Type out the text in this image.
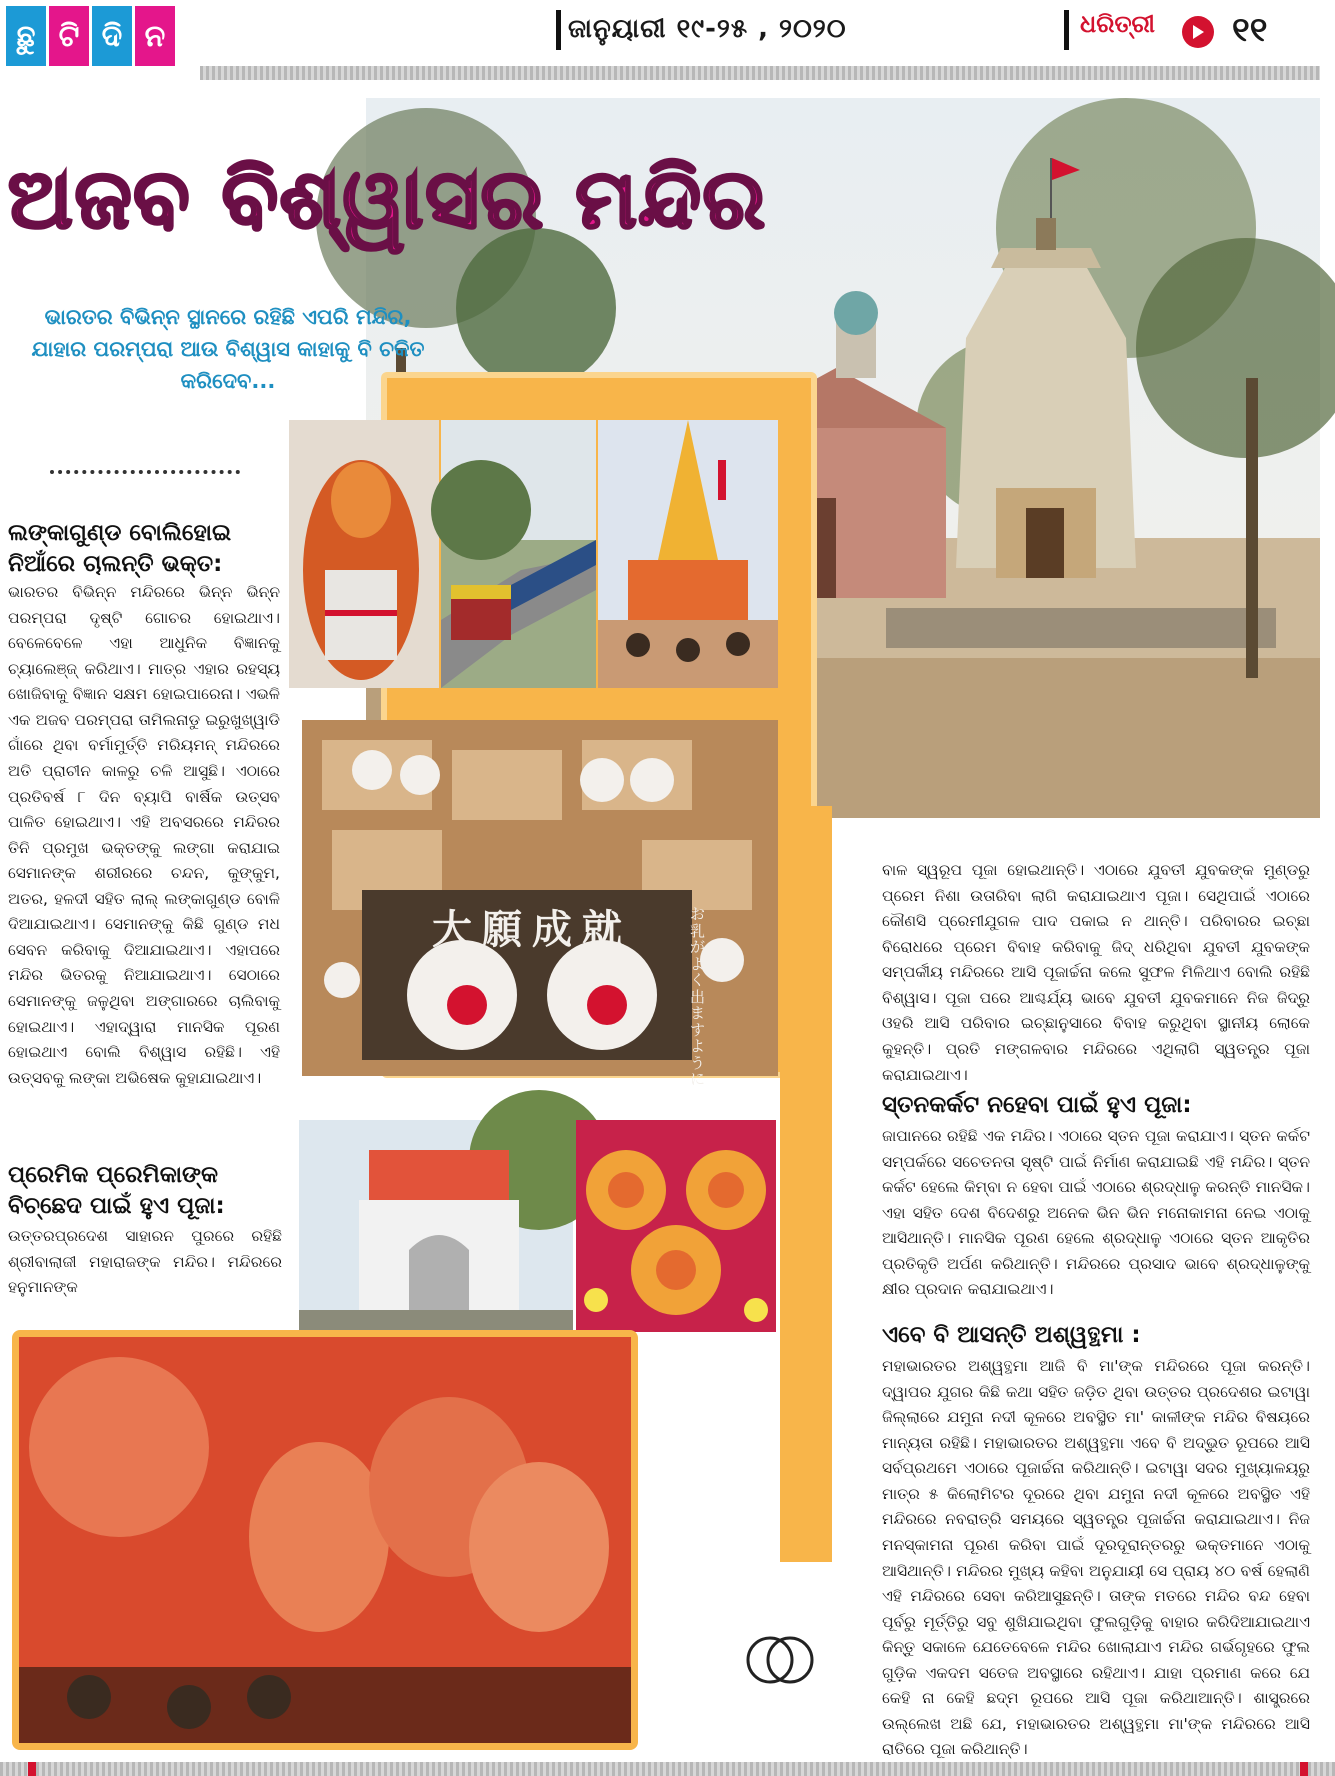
ଛୁ ଟି ଦି ନ	ଜାନୁୟାରୀ ୧୯-୨୫ , ୨୦୨୦	ଧରିତ୍ରୀ ୧୧
ଅଜବ ବିଶ୍ୱାସର ମନ୍ଦିର
ଭାରତର ବିଭିନ୍ନ ସ୍ଥାନରେ ରହିଛି ଏପରି ମନ୍ଦିର, ଯାହାର ପରମ୍ପରା ଆଉ ବିଶ୍ୱାସ କାହାକୁ ବି ଚକିତ କରିଦେବ...
大願成就	お乳がよく出ますように
ଲଙ୍କାଗୁଣ୍ଡ ବୋଲିହୋଇ ନିଆଁରେ ଚାଲନ୍ତି ଭକ୍ତ:
ଭାରତର ବିଭିନ୍ନ ମନ୍ଦିରରେ ଭିନ୍ନ ଭିନ୍ନ ପରମ୍ପରା ଦୃଷ୍ଟି ଗୋଚର ହୋଇଥାଏ। ବେଳେବେଳେ ଏହା ଆଧୁନିକ ବିଜ୍ଞାନକୁ ଚ୍ୟାଲେଞ୍ଜ୍ କରିଥାଏ। ମାତ୍ର ଏହାର ରହସ୍ୟ ଖୋଜିବାକୁ ବିଜ୍ଞାନ ସକ୍ଷମ ହୋଇପାରେନା। ଏଭଳି ଏକ ଅଜବ ପରମ୍ପରା ତାମିଲନାଡୁ ଇରୁଖୁଖ୍ୱାଡି ଗାଁରେ ଥିବା ବର୍ମାମୁର୍ତ୍ତି ମରିୟମନ୍ ମନ୍ଦିରରେ ଅତି ପ୍ରାଚୀନ କାଳରୁ ଚଳି ଆସୁଛି। ଏଠାରେ ପ୍ରତିବର୍ଷ ୮ ଦିନ ବ୍ୟାପି ବାର୍ଷିକ ଉତ୍ସବ ପାଳିତ ହୋଇଥାଏ। ଏହି ଅବସରରେ ମନ୍ଦିରର ତିନି ପ୍ରମୁଖ ଭକ୍ତଙ୍କୁ ଲଙ୍ଗା କରାଯାଇ ସେମାନଙ୍କ ଶରୀରରେ ଚନ୍ଦନ, କୁଙ୍କୁମ, ଅତର, ହଳଦୀ ସହିତ ଲାଲ୍ ଲଙ୍କାଗୁଣ୍ଡ ବୋଳି ଦିଆଯାଇଥାଏ। ସେମାନଙ୍କୁ କିଛି ଗୁଣ୍ଡ ମଧ ସେବନ କରିବାକୁ ଦିଆଯାଇଥାଏ। ଏହାପରେ ମନ୍ଦିର ଭିତରକୁ ନିଆଯାଇଥାଏ। ସେଠାରେ ସେମାନଙ୍କୁ ଜଳୁଥିବା ଅଙ୍ଗାରରେ ଚାଲିବାକୁ ହୋଇଥାଏ। ଏହାଦ୍ୱାରା ମାନସିକ ପୂରଣ ହୋଇଥାଏ ବୋଲି ବିଶ୍ୱାସ ରହିଛି। ଏହି ଉତ୍ସବକୁ ଲଙ୍କା ଅଭିଷେକ କୁହାଯାଇଥାଏ।
ପ୍ରେମିକ ପ୍ରେମିକାଙ୍କ ବିଚ୍ଛେଦ ପାଇଁ ହୁଏ ପୂଜା:
ଉତ୍ତରପ୍ରଦେଶ ସାହାରନ ପୁରରେ ରହିଛି ଶ୍ରୀବାଲାଜୀ ମହାରାଜଙ୍କ ମନ୍ଦିର। ମନ୍ଦିରରେ ହନୁମାନଙ୍କ
ବାଳ ସ୍ୱରୂପ ପୂଜା ହୋଇଥାନ୍ତି। ଏଠାରେ ଯୁବତୀ ଯୁବକଙ୍କ ମୁଣ୍ଡରୁ ପ୍ରେମ ନିଶା ଉତାରିବା ଲାଗି କରାଯାଇଥାଏ ପୂଜା। ସେଥିପାଇଁ ଏଠାରେ କୌଣସି ପ୍ରେମୀଯୁଗଳ ପାଦ ପକାଇ ନ ଥାନ୍ତି। ପରିବାରର ଇଚ୍ଛା ବିରୋଧରେ ପ୍ରେମ ବିବାହ କରିବାକୁ ଜିଦ୍ ଧରିଥିବା ଯୁବତୀ ଯୁବକଙ୍କ ସମ୍ପର୍କୀୟ ମନ୍ଦିରରେ ଆସି ପୂଜାର୍ଚ୍ଚନା କଲେ ସୁଫଳ ମିଳିଥାଏ ବୋଲି ରହିଛି ବିଶ୍ୱାସ। ପୂଜା ପରେ ଆଶ୍ଚର୍ଯ୍ୟ ଭାବେ ଯୁବତୀ ଯୁବକମାନେ ନିଜ ଜିଦ୍‌ରୁ ଓହରି ଆସି ପରିବାର ଇଚ୍ଛାନୁସାରେ ବିବାହ କରୁଥିବା ସ୍ଥାନୀୟ ଲୋକେ କୁହନ୍ତି। ପ୍ରତି ମଙ୍ଗଳବାର ମନ୍ଦିରରେ ଏଥିଲାଗି ସ୍ୱତନ୍ତ୍ର ପୂଜା କରାଯାଇଥାଏ।
ସ୍ତନକର୍କଟ ନହେବା ପାଇଁ ହୁଏ ପୂଜା:
ଜାପାନରେ ରହିଛି ଏକ ମନ୍ଦିର। ଏଠାରେ ସ୍ତନ ପୂଜା କରାଯାଏ। ସ୍ତନ କର୍କଟ ସମ୍ପର୍କରେ ସଚେତନତା ସୃଷ୍ଟି ପାଇଁ ନିର୍ମାଣ କରାଯାଇଛି ଏହି ମନ୍ଦିର। ସ୍ତନ କର୍କଟ ହେଲେ କିମ୍ବା ନ ହେବା ପାଇଁ ଏଠାରେ ଶ୍ରଦ୍ଧାଳୁ କରନ୍ତି ମାନସିକ। ଏହା ସହିତ ଦେଶ ବିଦେଶରୁ ଅନେକ ଭିନ ଭିନ ମନୋକାମନା ନେଇ ଏଠାକୁ ଆସିଥାନ୍ତି। ମାନସିକ ପୂରଣ ହେଲେ ଶ୍ରଦ୍ଧାଳୁ ଏଠାରେ ସ୍ତନ ଆକୃତିର ପ୍ରତିକୃତି ଅର୍ପଣ କରିଥାନ୍ତି। ମନ୍ଦିରରେ ପ୍ରସାଦ ଭାବେ ଶ୍ରଦ୍ଧାଳୁଙ୍କୁ କ୍ଷୀର ପ୍ରଦାନ କରାଯାଇଥାଏ।
ଏବେ ବି ଆସନ୍ତି ଅଶ୍ୱତ୍ଥମା :
ମହାଭାରତର ଅଶ୍ୱତ୍ଥମା ଆଜି ବି ମା'ଙ୍କ ମନ୍ଦିରରେ ପୂଜା କରନ୍ତି। ଦ୍ୱାପର ଯୁଗର କିଛି କଥା ସହିତ ଜଡ଼ିତ ଥିବା ଉତ୍ତର ପ୍ରଦେଶର ଇଟାୱା ଜିଲ୍ଲାରେ ଯମୁନା ନଦୀ କୂଳରେ ଅବସ୍ଥିତ ମା' କାଳୀଙ୍କ ମନ୍ଦିର ବିଷୟରେ ମାନ୍ୟତା ରହିଛି। ମହାଭାରତର ଅଶ୍ୱତ୍ଥମା ଏବେ ବି ଅଦ୍ଭୁତ ରୂପରେ ଆସି ସର୍ବପ୍ରଥମେ ଏଠାରେ ପୂଜାର୍ଚ୍ଚନା କରିଥାନ୍ତି। ଇଟାୱା ସଦର ମୁଖ୍ୟାଳୟରୁ ମାତ୍ର ୫ କିଲୋମିଟର ଦୂରରେ ଥିବା ଯମୁନା ନଦୀ କୂଳରେ ଅବସ୍ଥିତ ଏହି ମନ୍ଦିରରେ ନବରାତ୍ରି ସମୟରେ ସ୍ୱତନ୍ତ୍ର ପୂଜାର୍ଚ୍ଚନା କରାଯାଇଥାଏ। ନିଜ ମନସ୍କାମନା ପୂରଣ କରିବା ପାଇଁ ଦୂରଦୂରାନ୍ତରରୁ ଭକ୍ତମାନେ ଏଠାକୁ ଆସିଥାନ୍ତି। ମନ୍ଦିରର ମୁଖ୍ୟ କହିବା ଅନୁଯାୟୀ ସେ ପ୍ରାୟ ୪୦ ବର୍ଷ ହେଲାଣି ଏହି ମନ୍ଦିରରେ ସେବା କରିଆସୁଛନ୍ତି। ତାଙ୍କ ମତରେ ମନ୍ଦିର ବନ୍ଦ ହେବା ପୂର୍ବରୁ ମୂର୍ତ୍ତିରୁ ସବୁ ଶୁଖିଯାଇଥିବା ଫୁଲଗୁଡ଼ିକୁ ବାହାର କରିଦିଆଯାଇଥାଏ କିନ୍ତୁ ସକାଳେ ଯେତେବେଳେ ମନ୍ଦିର ଖୋଲାଯାଏ ମନ୍ଦିର ଗର୍ଭଗୃହରେ ଫୁଲ ଗୁଡ଼ିକ ଏକଦମ ସତେଜ ଅବସ୍ଥାରେ ରହିଥାଏ। ଯାହା ପ୍ରମାଣ କରେ ଯେ କେହି ନା କେହି ଛଦ୍ମ ରୂପରେ ଆସି ପୂଜା କରିଥାଆନ୍ତି। ଶାସ୍ତ୍ରରେ ଉଲ୍ଲେଖ ଅଛି ଯେ, ମହାଭାରତର ଅଶ୍ୱତ୍ଥମା ମା'ଙ୍କ ମନ୍ଦିରରେ ଆସି ରାତିରେ ପୂଜା କରିଥାନ୍ତି।
